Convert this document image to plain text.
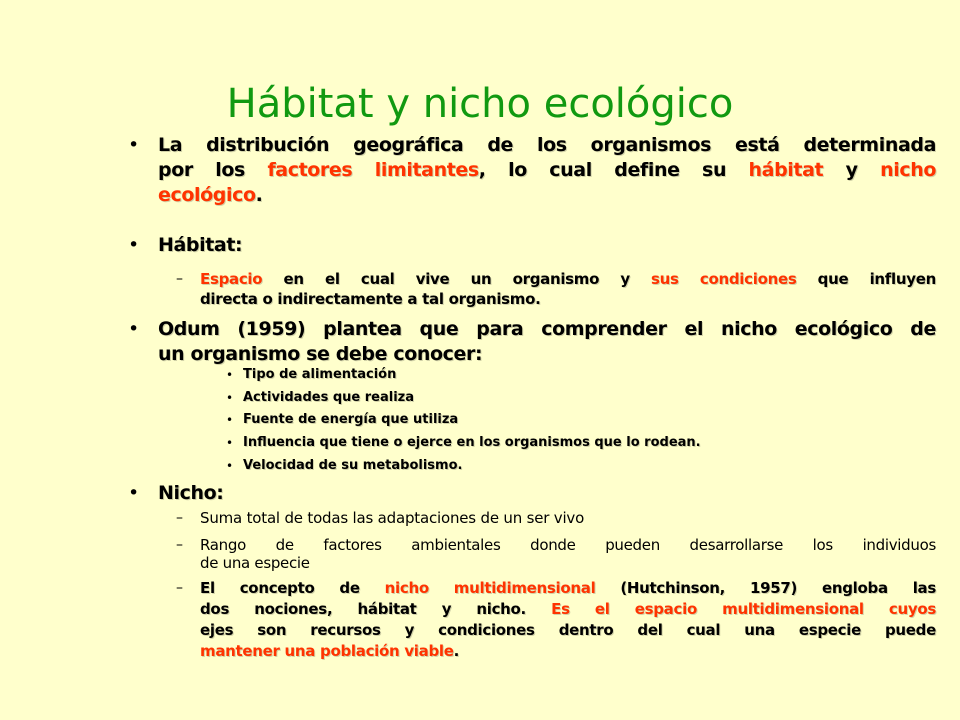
Hábitat y nicho ecológico
• La distribución geográfica de los organismos está determinada
por los factores limitantes, lo cual define su hábitat y nicho
ecológico.
• Hábitat:
– Espacio en el cual vive un organismo y sus condiciones que influyen
directa o indirectamente a tal organismo.
• Odum (1959) plantea que para comprender el nicho ecológico de
un organismo se debe conocer:
• Tipo de alimentación
• Actividades que realiza
• Fuente de energía que utiliza
• Influencia que tiene o ejerce en los organismos que lo rodean.
• Velocidad de su metabolismo.
• Nicho:
– Suma total de todas las adaptaciones de un ser vivo
– Rango de factores ambientales donde pueden desarrollarse los individuos
de una especie
– El concepto de nicho multidimensional (Hutchinson, 1957) engloba las
dos nociones, hábitat y nicho. Es el espacio multidimensional cuyos
ejes son recursos y condiciones dentro del cual una especie puede
mantener una población viable.
